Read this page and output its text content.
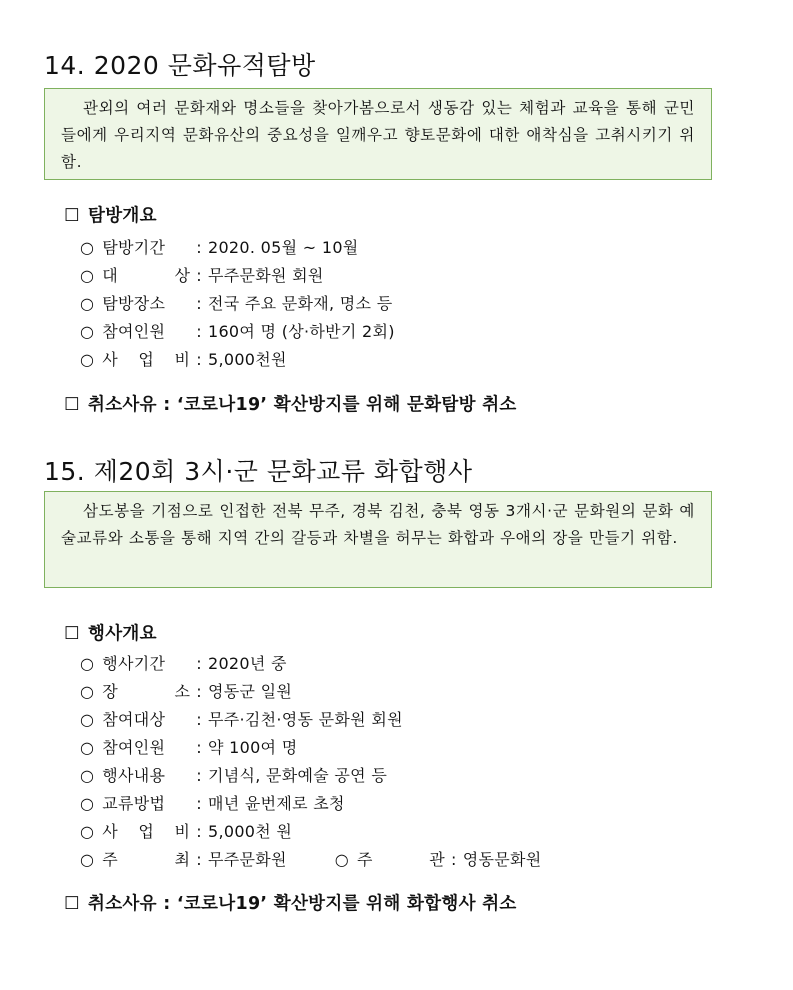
14. 2020 문화유적탐방
관외의 여러 문화재와 명소들을 찾아가봄으로서 생동감 있는 체험과 교육을 통해 군민들에게 우리지역 문화유산의 중요성을 일깨우고 향토문화에 대한 애착심을 고취시키기 위함.
☐ 탐방개요
○ 탐방기간 : 2020. 05월 ~ 10월
○ 대 상 : 무주문화원 회원
○ 탐방장소 : 전국 주요 문화재, 명소 등
○ 참여인원 : 160여 명 (상·하반기 2회)
○ 사 업 비 : 5,000천원
☐ 취소사유 : ‘코로나19’ 확산방지를 위해 문화탐방 취소
15. 제20회 3시·군 문화교류 화합행사
삼도봉을 기점으로 인접한 전북 무주, 경북 김천, 충북 영동 3개시·군 문화원의 문화 예술교류와 소통을 통해 지역 간의 갈등과 차별을 허무는 화합과 우애의 장을 만들기 위함.
☐ 행사개요
○ 행사기간 : 2020년 중
○ 장 소 : 영동군 일원
○ 참여대상 : 무주·김천·영동 문화원 회원
○ 참여인원 : 약 100여 명
○ 행사내용 : 기념식, 문화예술 공연 등
○ 교류방법 : 매년 윤번제로 초청
○ 사 업 비 : 5,000천 원
○ 주 최 : 무주문화원	○ 주 관 : 영동문화원
☐ 취소사유 : ‘코로나19’ 확산방지를 위해 화합행사 취소
